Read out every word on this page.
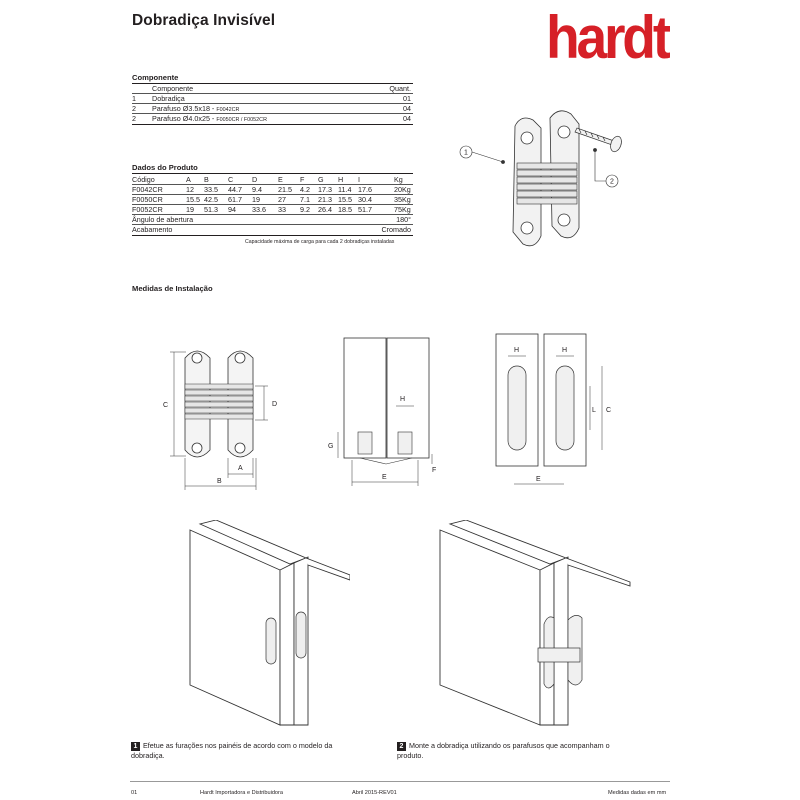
Dobradiça Invisível	hardt
Componente
Componente	Quant.
1 Dobradiça	01
2 Parafuso Ø3.5x18 - F0042CR	04
2 Parafuso Ø4.0x25 - F0050CR / F0052CR	04
Dados do Produto
Código	A B	C	D	E F G H I	Kg
F0042CR	12 33.5 44.7 9.4 21.5 4.2 17.3 11.4 17.6	20Kg
F0050CR	15.5 42.5 61.7 19	27 7.1 21.3 15.5 30.4	35Kg
F0052CR	19 51.3 94 33.6 33 9.2 26.4 18.5 51.7	75Kg
Ângulo de abertura	180°
Acabamento	Cromado
Capacidade máxima de carga para cada 2 dobradiças instaladas
1
2
Medidas de Instalação
C	D
A
B
G
H
F
E
H	H
L C
E
1 Efetue as furações nos painéis de acordo com o modelo da dobradiça.
2 Monte a dobradiça utilizando os parafusos que acompanham o produto.
01	Hardt Importadora e Distribuidora	Abril 2015-REV01	Medidas dadas em mm
